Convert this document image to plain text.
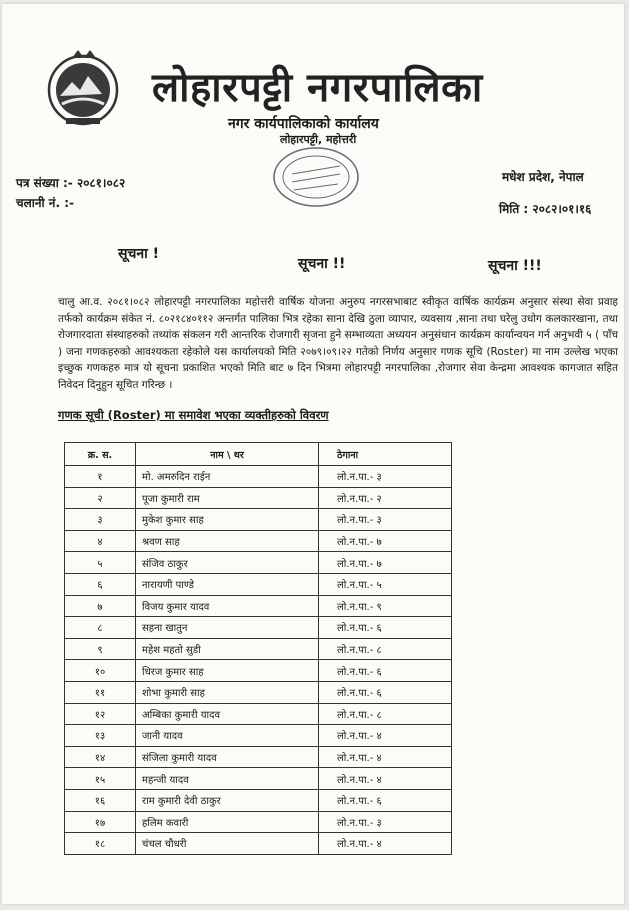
लोहारपट्टी नगरपालिका
नगर कार्यपालिकाको कार्यालय
लोहारपट्टी, महोत्तरी
पत्र संख्या :- २०८१।०८२
चलानी नं. :-
मधेश प्रदेश, नेपाल
मिति : २०८२।०१।१६
सूचना !
सूचना !!	सूचना !!!
चालु आ.व. २०८१।०८२ लोहारपट्टी नगरपालिका महोत्तरी वार्षिक योजना अनुरुप नगरसभाबाट स्वीकृत वार्षिक कार्यक्रम अनुसार संस्था सेवा प्रवाह तर्फको कार्यक्रम संकेत नं. ८०२१८४०११२ अन्तर्गत पालिका भित्र रहेका साना देखि ठुला व्यापार, व्यवसाय ,साना तथा घरेलु उधोग कलकारखाना, तथा रोजगारदाता संस्थाहरुको तथ्यांक संकलन गरी आन्तरिक रोजगारी सृजना हुने सम्भाव्यता अध्ययन अनुसंधान कार्यक्रम कार्यान्वयन गर्न अनुभवी ५ ( पाँच ) जना गणकहरुको आवश्यकता रहेकोले यस कार्यालयको मिति २०७९।०९।२२ गतेको निर्णय अनुसार गणक सूचि (Roster) मा नाम उल्लेख भएका इच्छुक गणकहरु मात्र यो सूचना प्रकाशित भएको मिति बाट ७ दिन भित्रमा लोहारपट्टी नगरपालिका ,रोजगार सेवा केन्द्रमा आवश्यक कागजात सहित निवेदन दिनुहुन सूचित गरिन्छ ।
गणक सूची (Roster) मा समावेश भएका व्यक्तीहरुको विवरण
क्र. स.	नाम \ थर	ठेगाना
१	मो. अमरुदिन राईन	लो.न.पा.- ३
२	पूजा कुमारी राम	लो.न.पा.- २
३	मुकेश कुमार साह	लो.न.पा.- ३
४	श्रवण साह	लो.न.पा.- ७
५	संजिव ठाकुर	लो.न.पा.- ७
६	नारायणी पाण्डे	लो.न.पा.- ५
७	विजय कुमार यादव	लो.न.पा.- ९
८	सहना खातुन	लो.न.पा.- ६
९	महेश महतो सुडी	लो.न.पा.- ८
१०	धिरज कुमार साह	लो.न.पा.- ६
११	शोभा कुमारी साह	लो.न.पा.- ६
१२	अम्बिका कुमारी यादव	लो.न.पा.- ८
१३	जानी यादव	लो.न.पा.- ४
१४	संजिला कुमारी यादव	लो.न.पा.- ४
१५	महन्जी यादव	लो.न.पा.- ४
१६	राम कुमारी देवी ठाकुर	लो.न.पा.- ६
१७	हलिम कवारी	लो.न.पा.- ३
१८	चंचल चौधरी	लो.न.पा.- ४
